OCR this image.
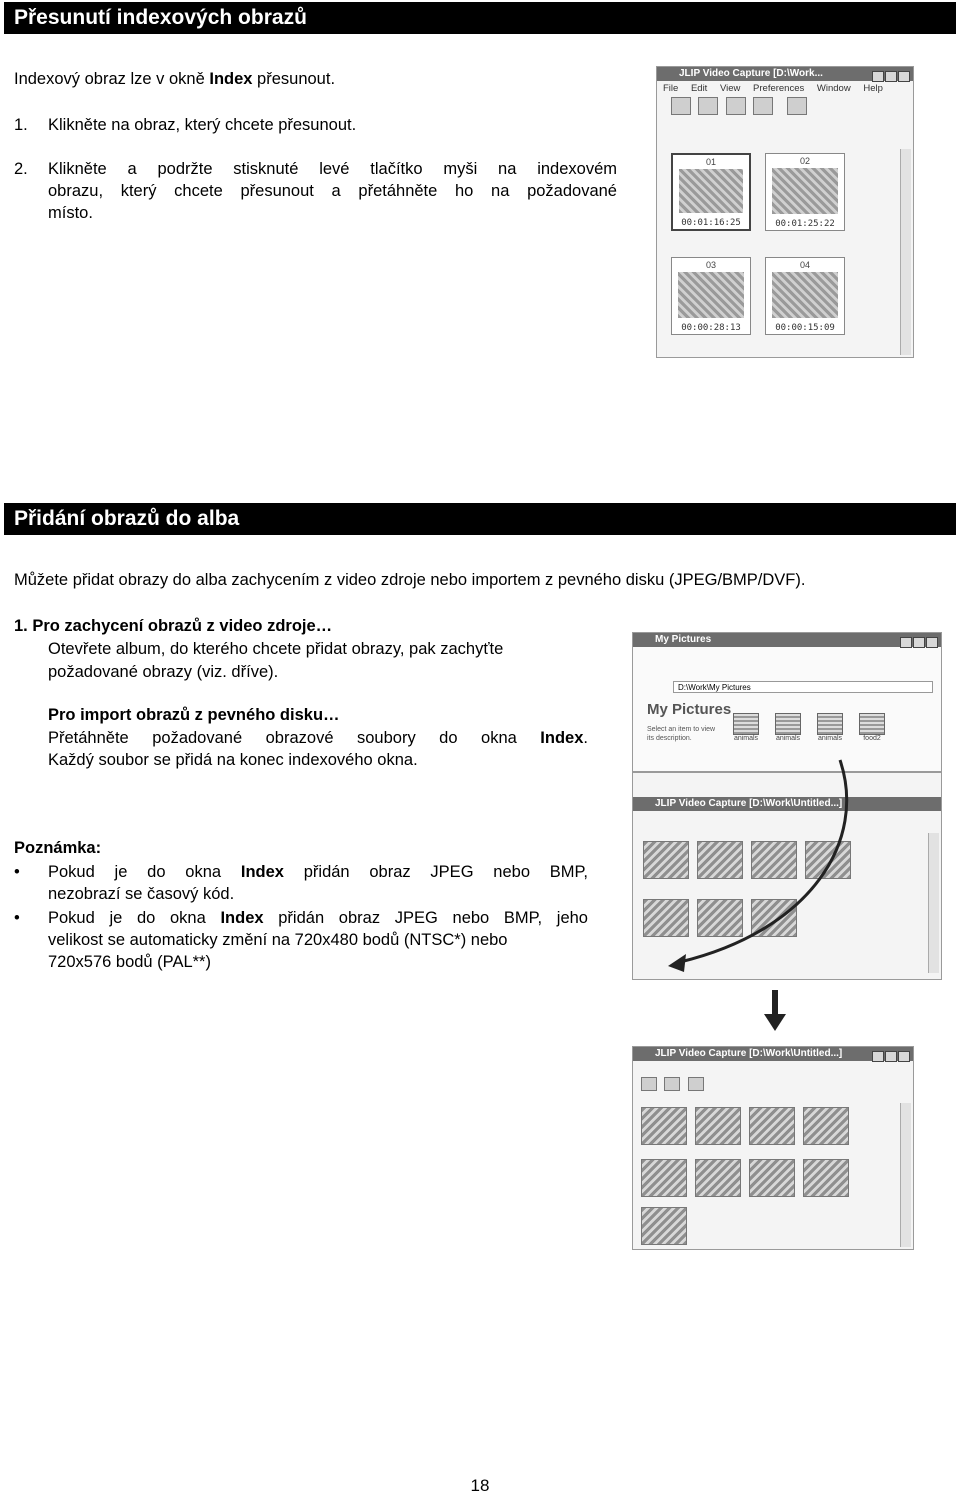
Přesunutí indexových obrazů
Indexový obraz lze v okně Index přesunout.
1. Klikněte na obraz, který chcete přesunout.
2. Klikněte a podržte stisknuté levé tlačítko myši na indexovém
obrazu, který chcete přesunout a přetáhněte ho na požadované
místo.
JLIP Video Capture [D:\Work...
File Edit View Preferences Window Help

01
00:01:16:25
02
00:01:25:22
03
00:00:28:13
04
00:00:15:09
Přidání obrazů do alba
Můžete přidat obrazy do alba zachycením z video zdroje nebo importem z pevného disku (JPEG/BMP/DVF).
1. Pro zachycení obrazů z video zdroje…
Otevřete album, do kterého chcete přidat obrazy, pak zachyťte
požadované obrazy (viz. dříve).
Pro import obrazů z pevného disku…
Přetáhněte požadované obrazové soubory do okna Index.
Každý soubor se přidá na konec indexového okna.
Poznámka:
• Pokud je do okna Index přidán obraz JPEG nebo BMP,
nezobrazí se časový kód.
• Pokud je do okna Index přidán obraz JPEG nebo BMP, jeho
velikost se automaticky změní na 720x480 bodů (NTSC*) nebo
720x576 bodů (PAL**)
My Pictures
D:\Work\My Pictures
My Pictures
Select an item to view its description.	animals	animals	animals	food2
JLIP Video Capture [D:\Work\Untitled...]
JLIP Video Capture [D:\Work\Untitled...]

18
